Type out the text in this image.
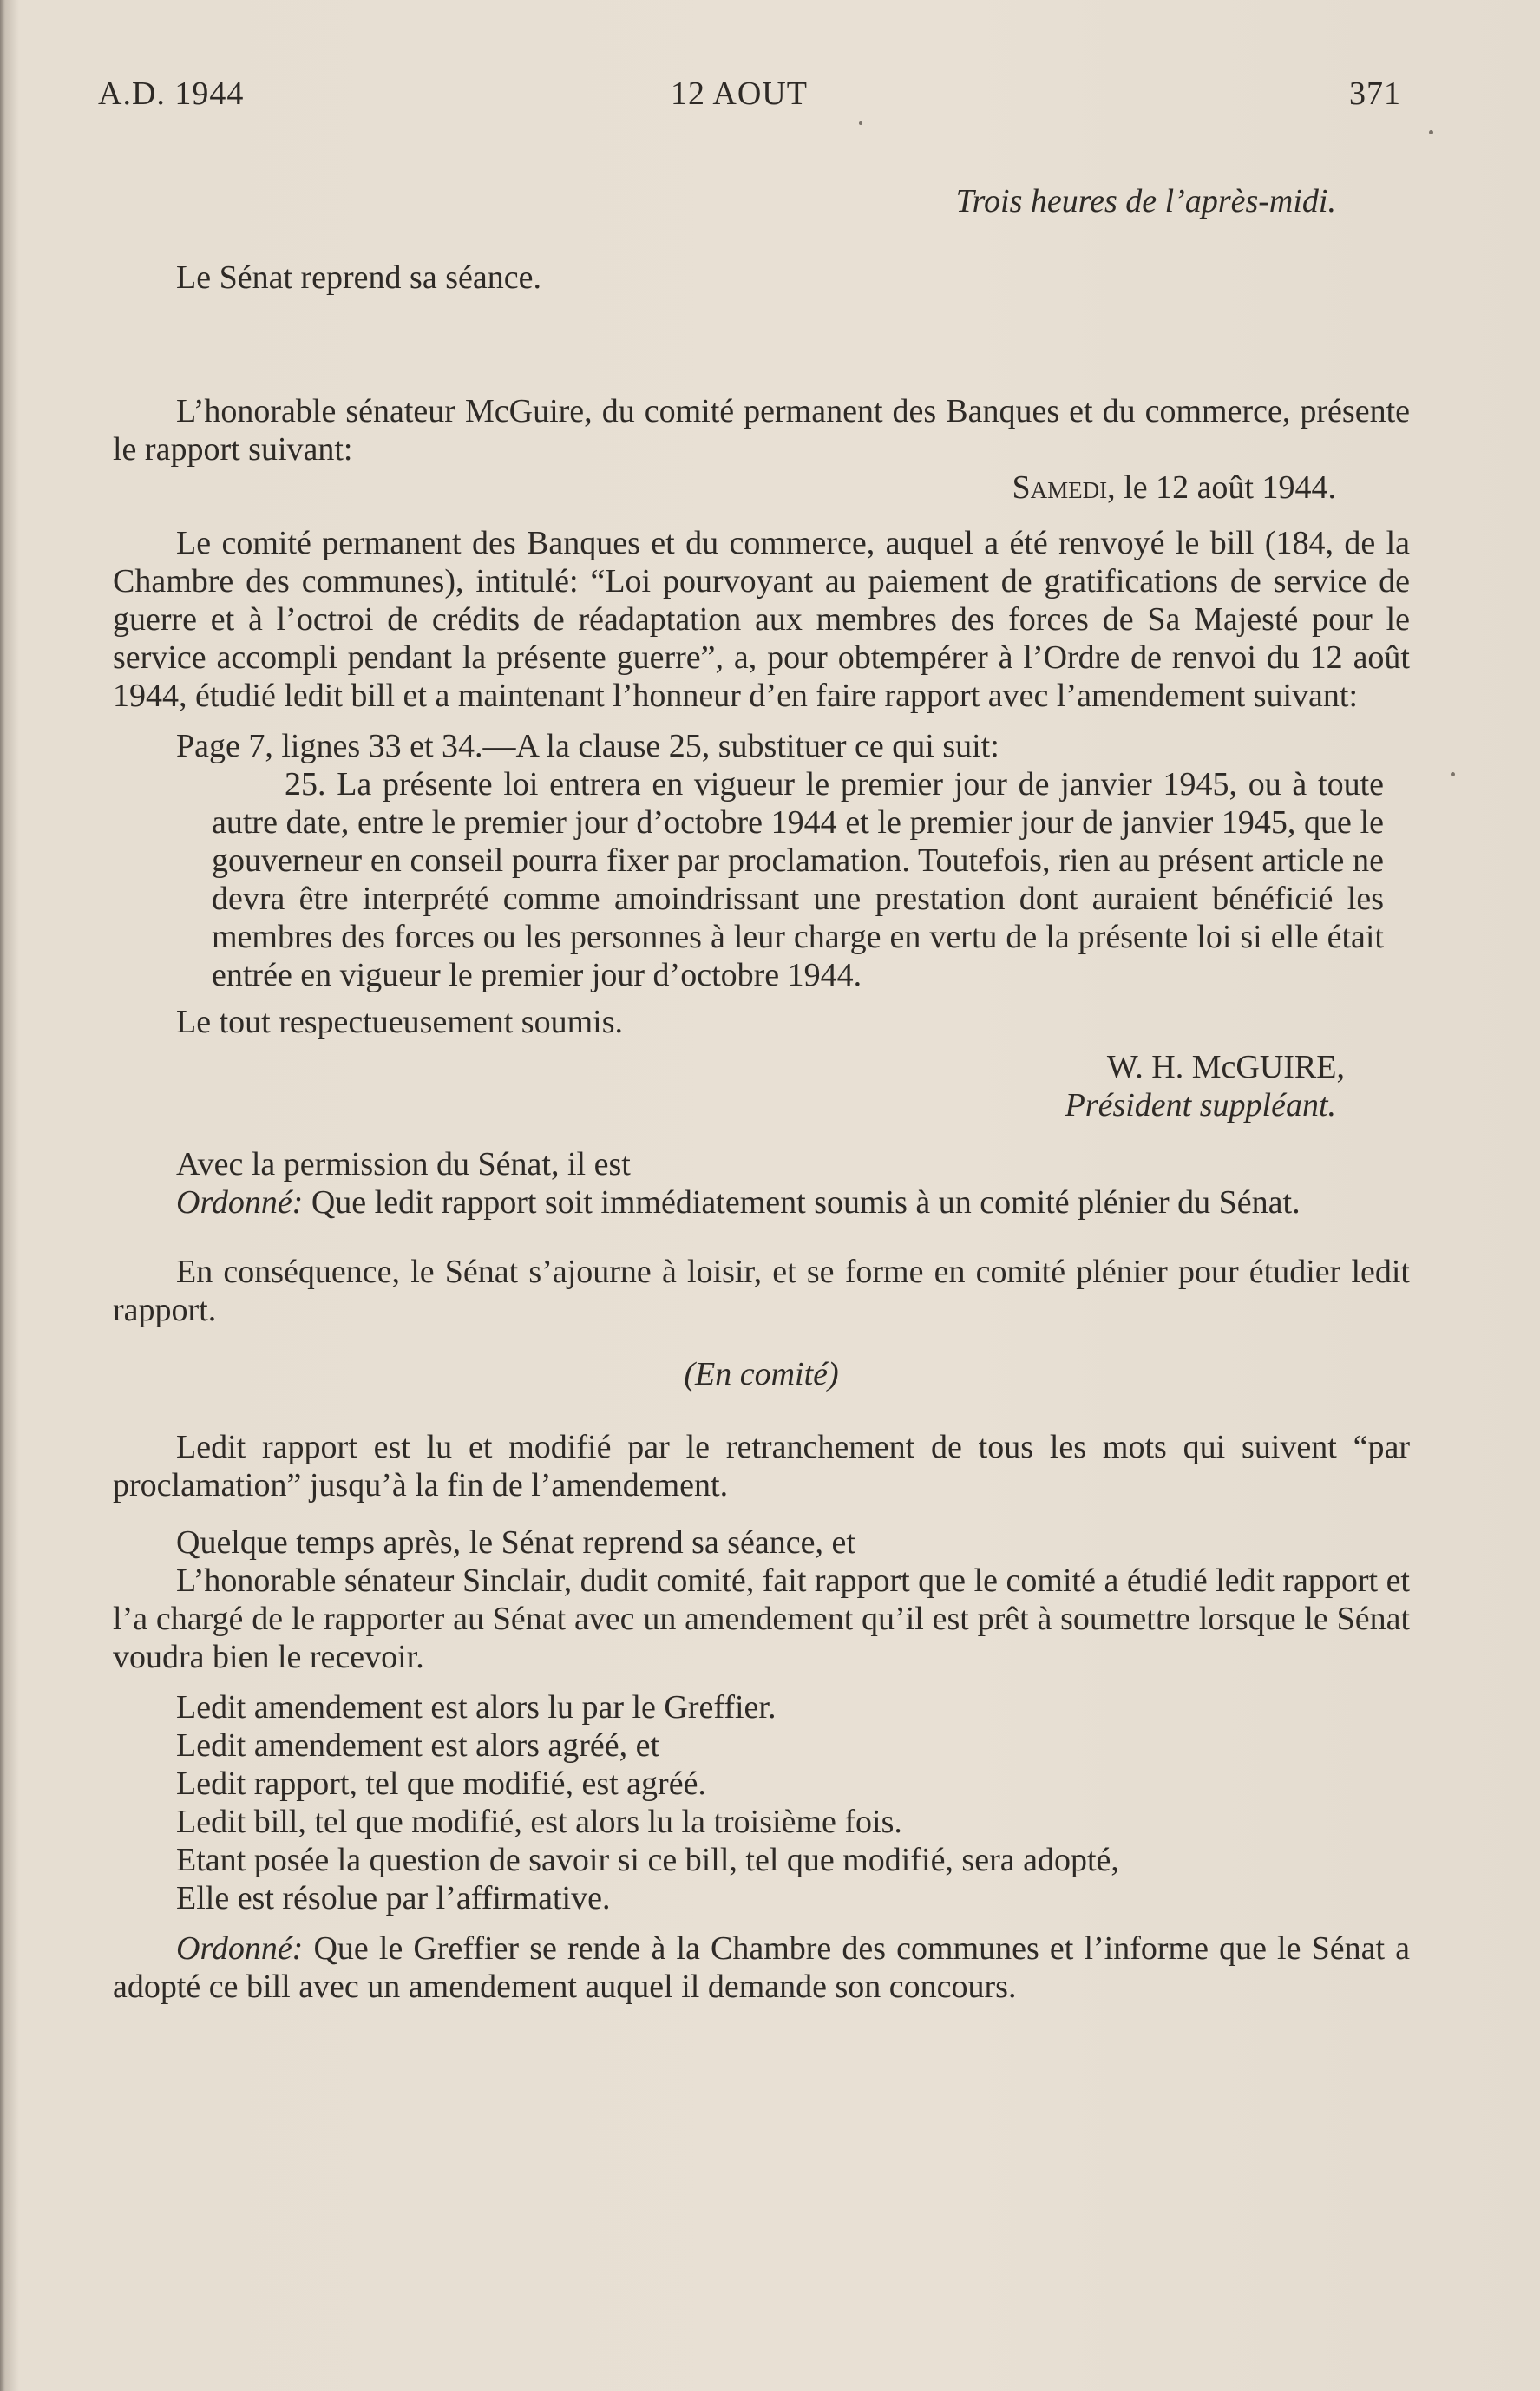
A.D. 1944	12 AOUT	371

Trois heures de l’après-midi.

Le Sénat reprend sa séance.

L’honorable sénateur McGuire, du comité permanent des Banques et du commerce, présente le rapport suivant:

Samedi, le 12 août 1944.

Le comité permanent des Banques et du commerce, auquel a été renvoyé le bill (184, de la Chambre des communes), intitulé: “Loi pourvoyant au paiement de gratifications de service de guerre et à l’octroi de crédits de réadaptation aux membres des forces de Sa Majesté pour le service accompli pendant la présente guerre”, a, pour obtempérer à l’Ordre de renvoi du 12 août 1944, étudié ledit bill et a maintenant l’honneur d’en faire rapport avec l’amendement suivant:

Page 7, lignes 33 et 34.—A la clause 25, substituer ce qui suit:

25. La présente loi entrera en vigueur le premier jour de janvier 1945, ou à toute autre date, entre le premier jour d’octobre 1944 et le premier jour de janvier 1945, que le gouverneur en conseil pourra fixer par proclamation. Toutefois, rien au présent article ne devra être interprété comme amoindrissant une prestation dont auraient bénéficié les membres des forces ou les personnes à leur charge en vertu de la présente loi si elle était entrée en vigueur le premier jour d’octobre 1944.

Le tout respectueusement soumis.

W. H. McGUIRE,

Président suppléant.

Avec la permission du Sénat, il est

Ordonné: Que ledit rapport soit immédiatement soumis à un comité plénier du Sénat.

En conséquence, le Sénat s’ajourne à loisir, et se forme en comité plénier pour étudier ledit rapport.

(En comité)

Ledit rapport est lu et modifié par le retranchement de tous les mots qui suivent “par proclamation” jusqu’à la fin de l’amendement.

Quelque temps après, le Sénat reprend sa séance, et

L’honorable sénateur Sinclair, dudit comité, fait rapport que le comité a étudié ledit rapport et l’a chargé de le rapporter au Sénat avec un amendement qu’il est prêt à soumettre lorsque le Sénat voudra bien le recevoir.

Ledit amendement est alors lu par le Greffier.

Ledit amendement est alors agréé, et

Ledit rapport, tel que modifié, est agréé.

Ledit bill, tel que modifié, est alors lu la troisième fois.

Etant posée la question de savoir si ce bill, tel que modifié, sera adopté,

Elle est résolue par l’affirmative.

Ordonné: Que le Greffier se rende à la Chambre des communes et l’informe que le Sénat a adopté ce bill avec un amendement auquel il demande son concours.
